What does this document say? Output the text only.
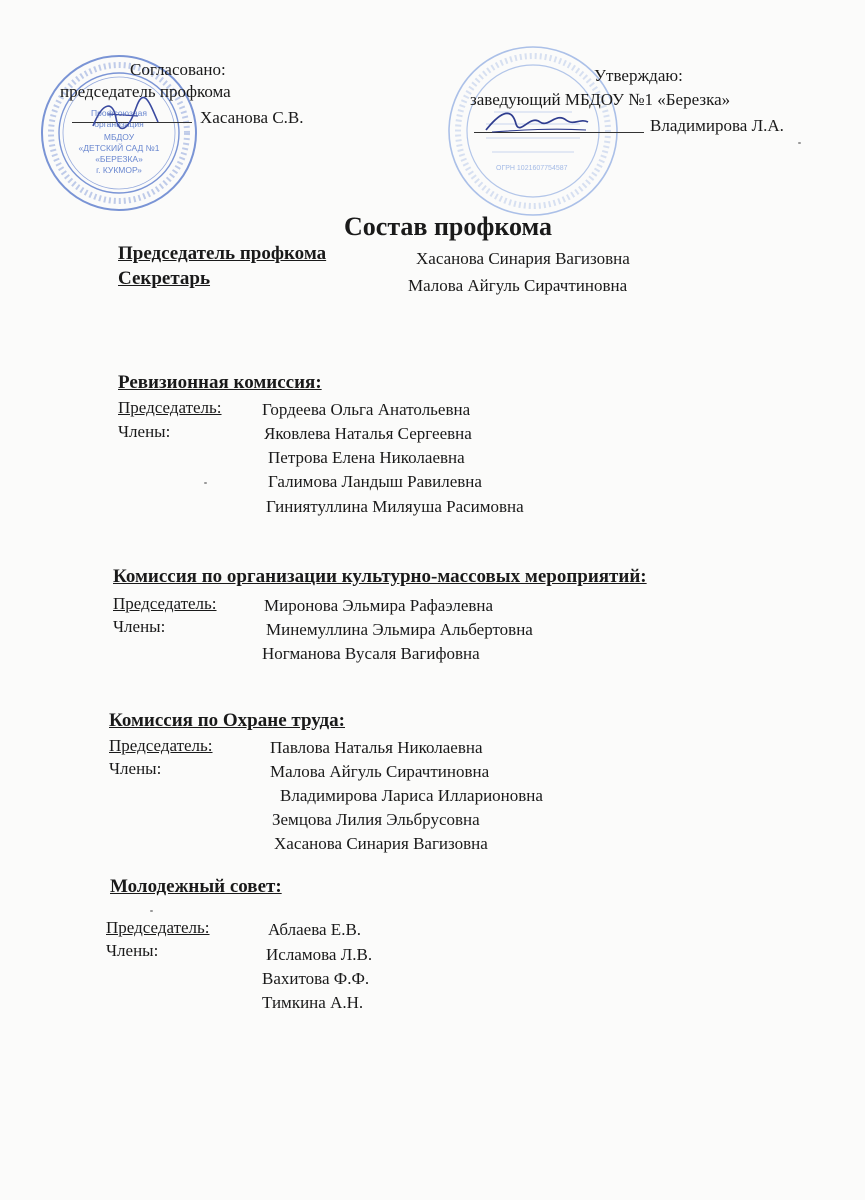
Профсоюзная
организация
МБДОУ
«ДЕТСКИЙ САД №1
«БЕРЕЗКА»
г. КУКМОР»
Согласовано:
председатель профкома
Хасанова С.В.
ОГРН 1021607754587
Утверждаю:
заведующий МБДОУ №1 «Березка»
Владимирова Л.А.
Состав профкома
Председатель профкома	Хасанова Синария Вагизовна
Секретарь	Малова Айгуль Сирачтиновна
Ревизионная комиссия:
Председатель: Гордеева Ольга Анатольевна
Члены:	Яковлева Наталья Сергеевна
Петрова Елена Николаевна
Галимова Ландыш Равилевна
Гиниятуллина Миляуша Расимовна
Комиссия по организации культурно-массовых мероприятий:
Председатель:	Миронова Эльмира Рафаэлевна
Члены:	Минемуллина Эльмира Альбертовна
Ногманова Вусаля Вагифовна
Комиссия по Охране труда:
Председатель:	Павлова Наталья Николаевна
Члены:	Малова Айгуль Сирачтиновна
Владимирова Лариса Илларионовна
Земцова Лилия Эльбрусовна
Хасанова Синария Вагизовна
Молодежный совет:
Председатель:	Аблаева Е.В.
Члены:	Исламова Л.В.
Вахитова Ф.Ф.
Тимкина А.Н.
